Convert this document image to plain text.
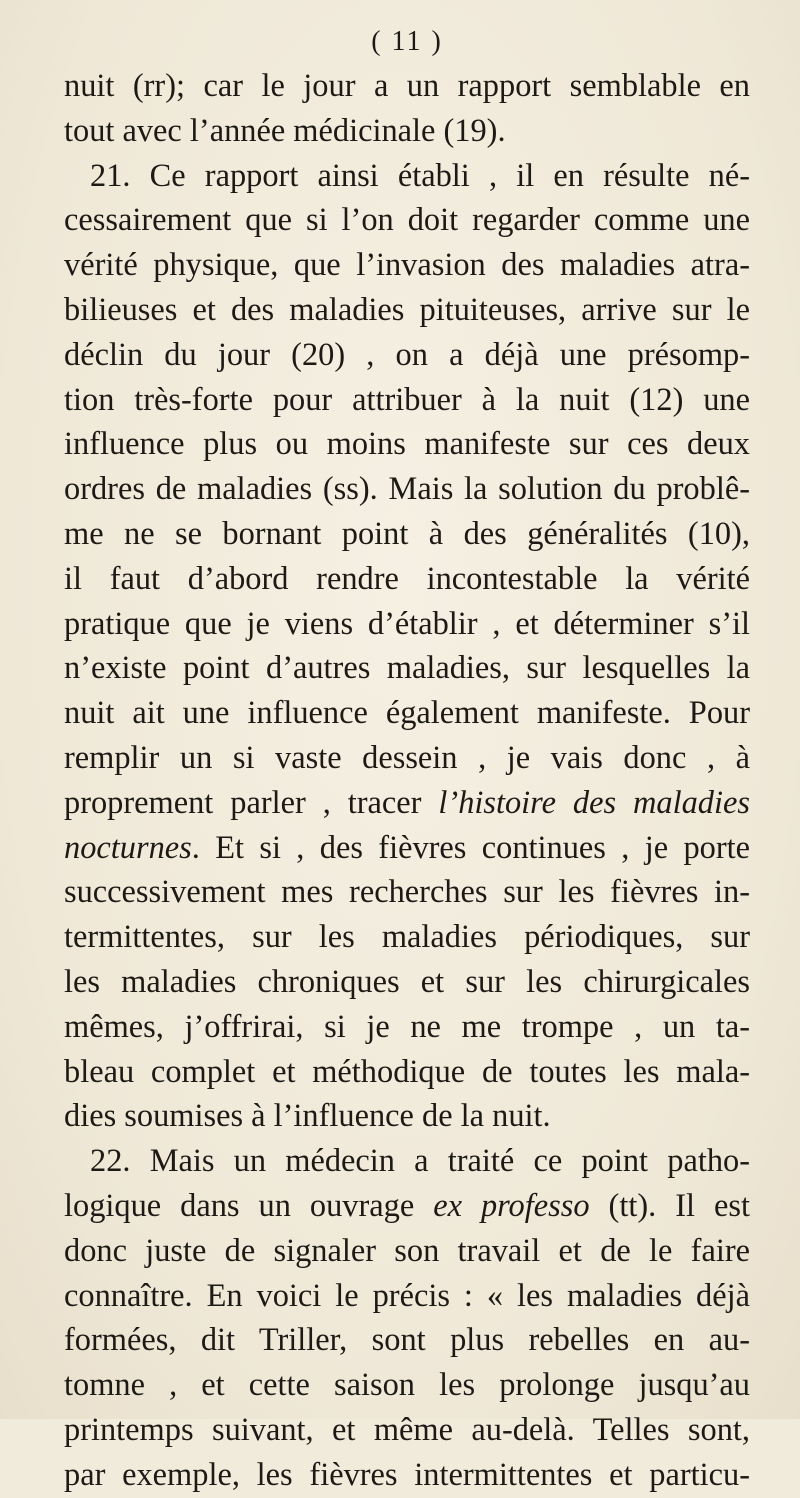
( 11 )
nuit (rr); car le jour a un rapport semblable en
tout avec l’année médicinale (19).
21. Ce rapport ainsi établi , il en résulte né-
cessairement que si l’on doit regarder comme une
vérité physique, que l’invasion des maladies atra-
bilieuses et des maladies pituiteuses, arrive sur le
déclin du jour (20) , on a déjà une présomp-
tion très-forte pour attribuer à la nuit (12) une
influence plus ou moins manifeste sur ces deux
ordres de maladies (ss). Mais la solution du problê-
me ne se bornant point à des généralités (10),
il faut d’abord rendre incontestable la vérité
pratique que je viens d’établir , et déterminer s’il
n’existe point d’autres maladies, sur lesquelles la
nuit ait une influence également manifeste. Pour
remplir un si vaste dessein , je vais donc , à
proprement parler , tracer l’histoire des maladies
nocturnes. Et si , des fièvres continues , je porte
successivement mes recherches sur les fièvres in-
termittentes, sur les maladies périodiques, sur
les maladies chroniques et sur les chirurgicales
mêmes, j’offrirai, si je ne me trompe , un ta-
bleau complet et méthodique de toutes les mala-
dies soumises à l’influence de la nuit.
22. Mais un médecin a traité ce point patho-
logique dans un ouvrage ex professo (tt). Il est
donc juste de signaler son travail et de le faire
connaître. En voici le précis : « les maladies déjà
formées, dit Triller, sont plus rebelles en au-
tomne , et cette saison les prolonge jusqu’au
printemps suivant, et même au-delà. Telles sont,
par exemple, les fièvres intermittentes et particu-
